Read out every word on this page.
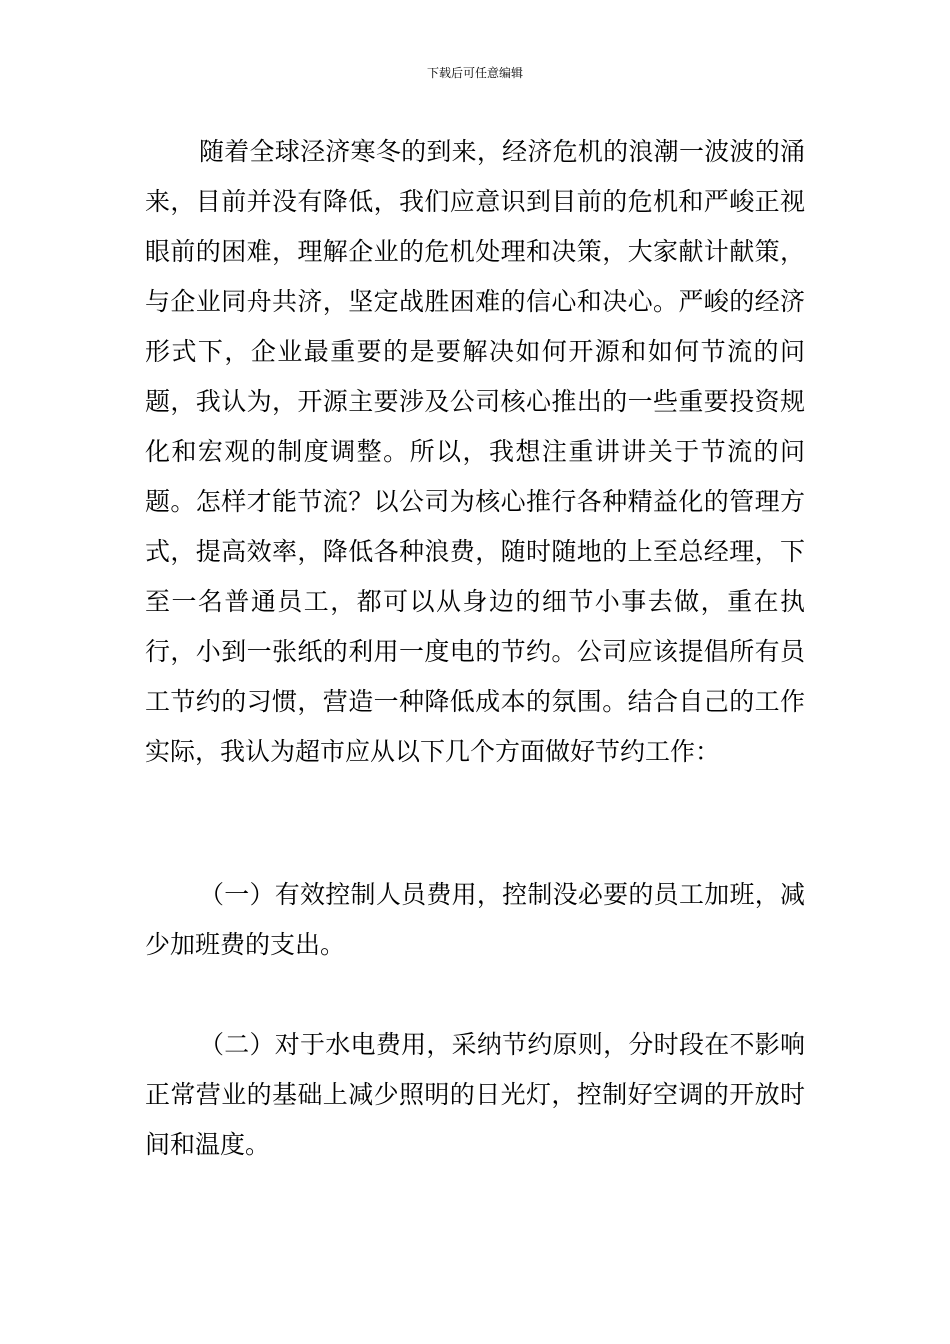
下载后可任意编辑

随着全球泾济寒冬的到来，经济危机的浪潮一波波的涌来，目前并没有降低，我们应意识到目前的危机和严峻正视眼前的困难，理解企业的危机处理和决策，大家献计献策，与企业同舟共济，坚定战胜困难的信心和决心。严峻的经济形式下，企业最重要的是要解决如何开源和如何节流的问题，我认为，开源主要涉及公司核心推出的一些重要投资规化和宏观的制度调整。所以，我想注重讲讲关于节流的问题。怎样才能节流？以公司为核心推行各种精益化的管理方式，提高效率，降低各种浪费，随时随地的上至总经理，下至一名普通员工，都可以从身边的细节小事去做，重在执行，小到一张纸的利用一度电的节约。公司应该提倡所有员工节约的习惯，营造一种降低成本的氛围。结合自己的工作实际，我认为超市应从以下几个方面做好节约工作：

（一）有效控制人员费用，控制没必要的员工加班，减少加班费的支出。

（二）对于水电费用，采纳节约原则，分时段在不影响正常营业的基础上减少照明的日光灯，控制好空调的开放时间和温度。
